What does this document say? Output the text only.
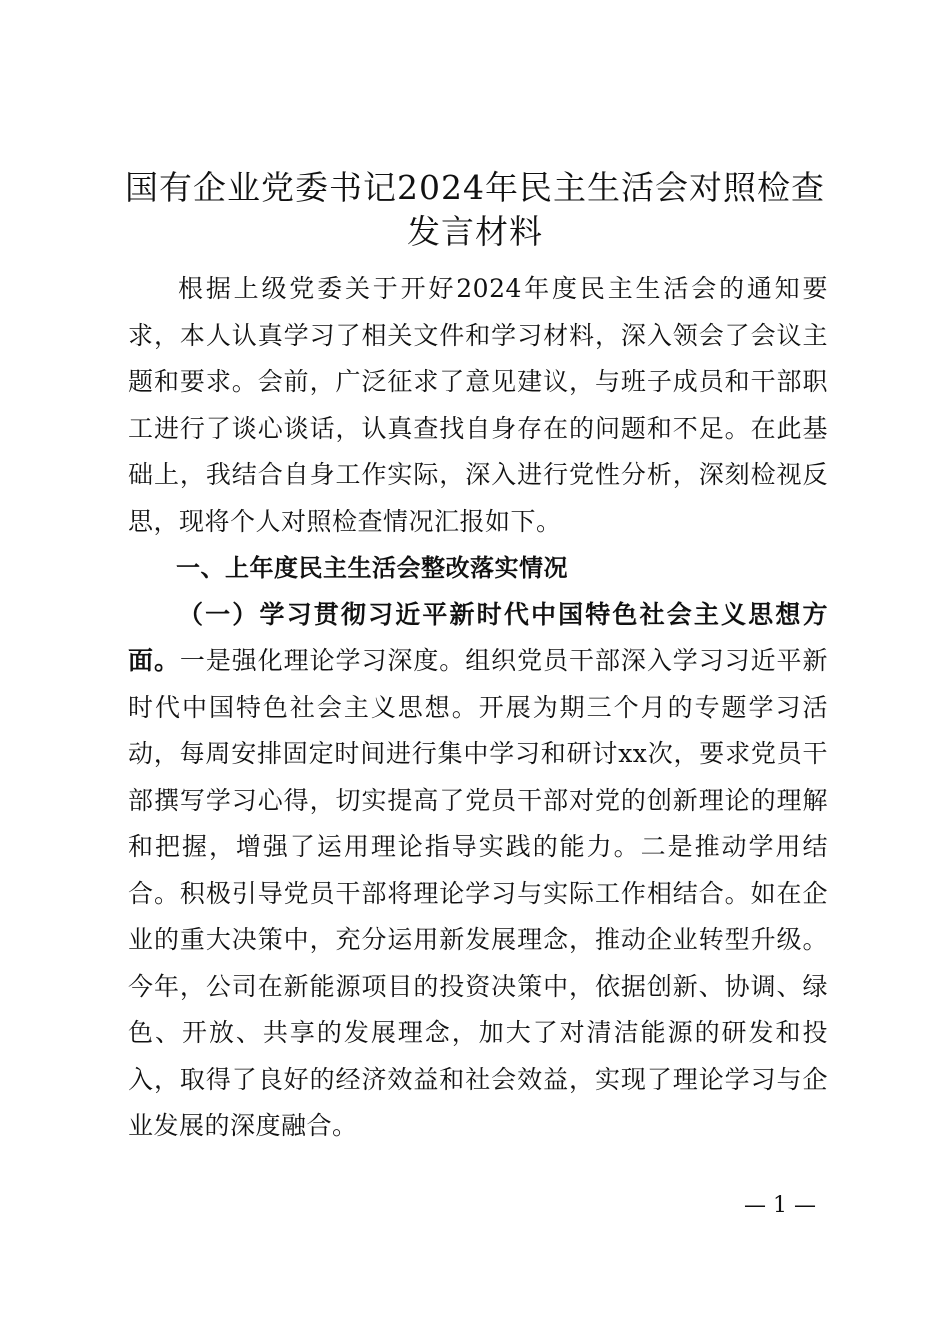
国有企业党委书记2024年民主生活会对照检查发言材料

根据上级党委关于开好2024年度民主生活会的通知要求，本人认真学习了相关文件和学习材料，深入领会了会议主题和要求。会前，广泛征求了意见建议，与班子成员和干部职工进行了谈心谈话，认真查找自身存在的问题和不足。在此基础上，我结合自身工作实际，深入进行党性分析，深刻检视反思，现将个人对照检查情况汇报如下。

一、上年度民主生活会整改落实情况

（一）学习贯彻习近平新时代中国特色社会主义思想方面。一是强化理论学习深度。组织党员干部深入学习习近平新时代中国特色社会主义思想。开展为期三个月的专题学习活动，每周安排固定时间进行集中学习和研讨xx次，要求党员干部撰写学习心得，切实提高了党员干部对党的创新理论的理解和把握，增强了运用理论指导实践的能力。二是推动学用结合。积极引导党员干部将理论学习与实际工作相结合。如在企业的重大决策中，充分运用新发展理念，推动企业转型升级。今年，公司在新能源项目的投资决策中，依据创新、协调、绿色、开放、共享的发展理念，加大了对清洁能源的研发和投入，取得了良好的经济效益和社会效益，实现了理论学习与企业发展的深度融合。

— 1 —
